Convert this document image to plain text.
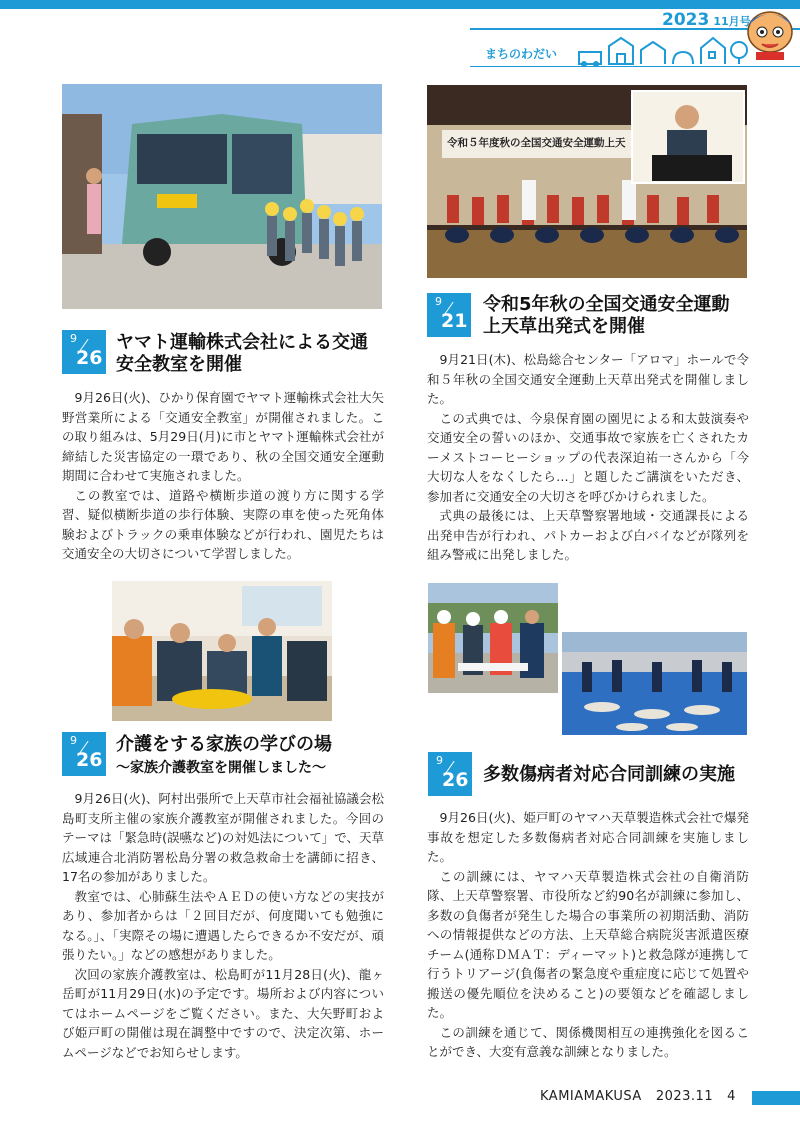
2023 11月号
まちのわだい
令和５年度秋の全国交通安全運動上天
9
26
ヤマト運輸株式会社による交通
安全教室を開催

9月26日(火)、ひかり保育園でヤマト運輸株式会社大矢野営業所による「交通安全教室」が開催されました。この取り組みは、5月29日(月)に市とヤマト運輸株式会社が締結した災害協定の一環であり、秋の全国交通安全運動期間に合わせて実施されました。

この教室では、道路や横断歩道の渡り方に関する学習、疑似横断歩道の歩行体験、実際の車を使った死角体験およびトラックの乗車体験などが行われ、園児たちは交通安全の大切さについて学習しました。

9
21
令和5年秋の全国交通安全運動
上天草出発式を開催

9月21日(木)、松島総合センター「アロマ」ホールで令和５年秋の全国交通安全運動上天草出発式を開催しました。

この式典では、今泉保育園の園児による和太鼓演奏や交通安全の誓いのほか、交通事故で家族を亡くされたカーメストコーヒーショップの代表深迫祐一さんから「今大切な人をなくしたら…」と題したご講演をいただき、参加者に交通安全の大切さを呼びかけられました。

式典の最後には、上天草警察署地域・交通課長による出発申告が行われ、パトカーおよび白バイなどが隊列を組み警戒に出発しました。

9
26
介護をする家族の学びの場
～家族介護教室を開催しました～

9月26日(火)、阿村出張所で上天草市社会福祉協議会松島町支所主催の家族介護教室が開催されました。今回のテーマは「緊急時(誤嚥など)の対処法について」で、天草広域連合北消防署松島分署の救急救命士を講師に招き、17名の参加がありました。

教室では、心肺蘇生法やＡＥＤの使い方などの実技があり、参加者からは「２回目だが、何度聞いても勉強になる。」、「実際その場に遭遇したらできるか不安だが、頑張りたい。」などの感想がありました。

次回の家族介護教室は、松島町が11月28日(火)、龍ヶ岳町が11月29日(水)の予定です。場所および内容についてはホームページをご覧ください。また、大矢野町および姫戸町の開催は現在調整中ですので、決定次第、ホームページなどでお知らせします。

9
26 多数傷病者対応合同訓練の実施

9月26日(火)、姫戸町のヤマハ天草製造株式会社で爆発事故を想定した多数傷病者対応合同訓練を実施しました。

この訓練には、ヤマハ天草製造株式会社の自衛消防隊、上天草警察署、市役所など約90名が訓練に参加し、多数の負傷者が発生した場合の事業所の初期活動、消防への情報提供などの方法、上天草総合病院災害派遣医療チーム(通称ＤＭＡＴ：ディーマット)と救急隊が連携して行うトリアージ(負傷者の緊急度や重症度に応じて処置や搬送の優先順位を決めること)の要領などを確認しました。

この訓練を通じて、関係機関相互の連携強化を図ることができ、大変有意義な訓練となりました。

KAMIAMAKUSA 2023.11 4
